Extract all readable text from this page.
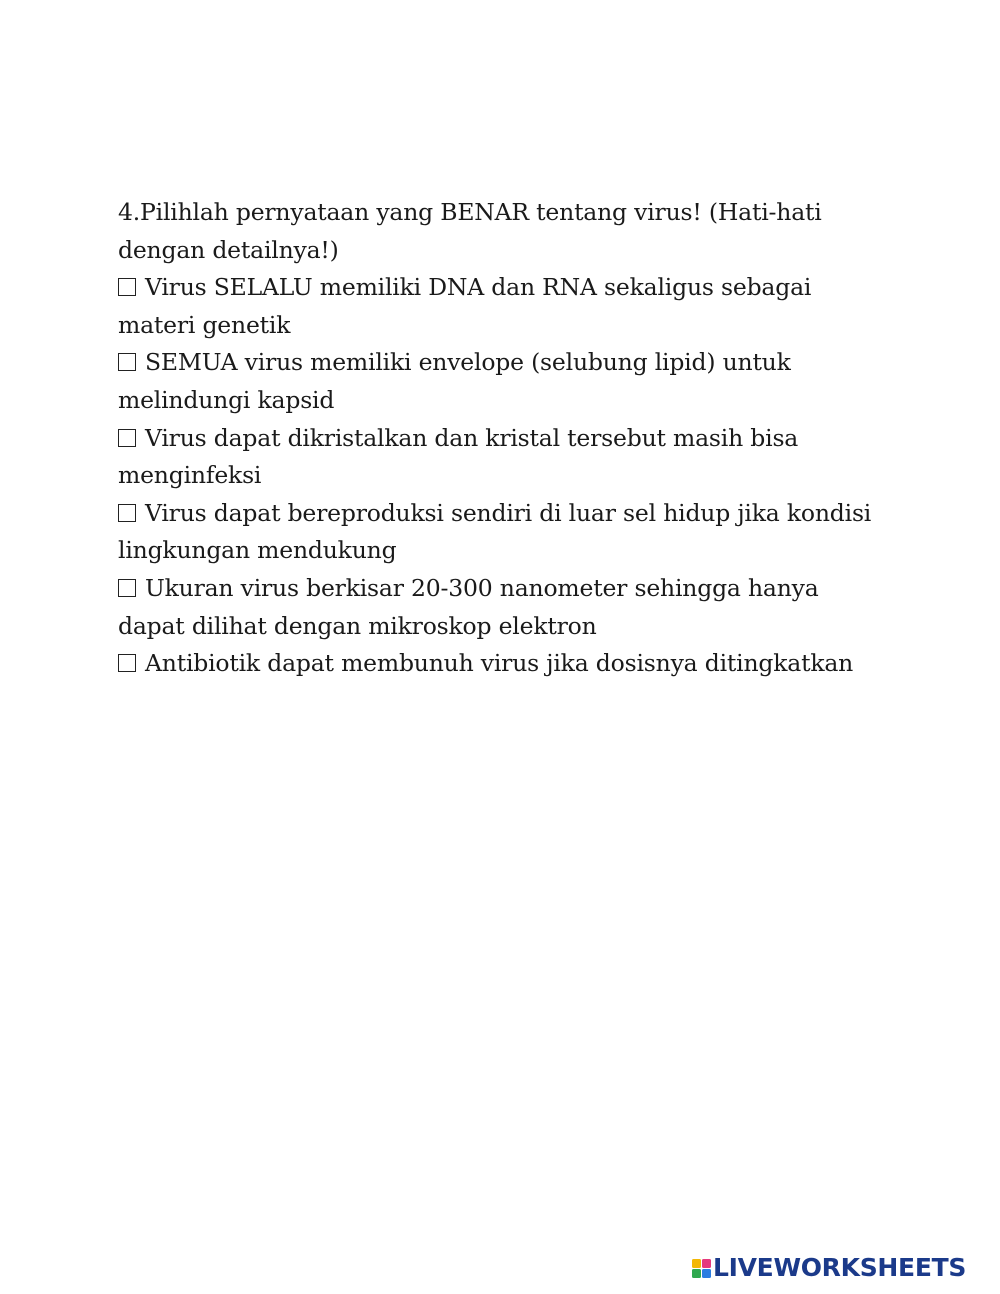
4.Pilihlah pernyataan yang BENAR tentang virus! (Hati-hati dengan detailnya!)

Virus SELALU memiliki DNA dan RNA sekaligus sebagai materi genetik
SEMUA virus memiliki envelope (selubung lipid) untuk melindungi kapsid
Virus dapat dikristalkan dan kristal tersebut masih bisa menginfeksi
Virus dapat bereproduksi sendiri di luar sel hidup jika kondisi lingkungan mendukung
Ukuran virus berkisar 20-300 nanometer sehingga hanya dapat dilihat dengan mikroskop elektron
Antibiotik dapat membunuh virus jika dosisnya ditingkatkan
LIVEWORKSHEETS
